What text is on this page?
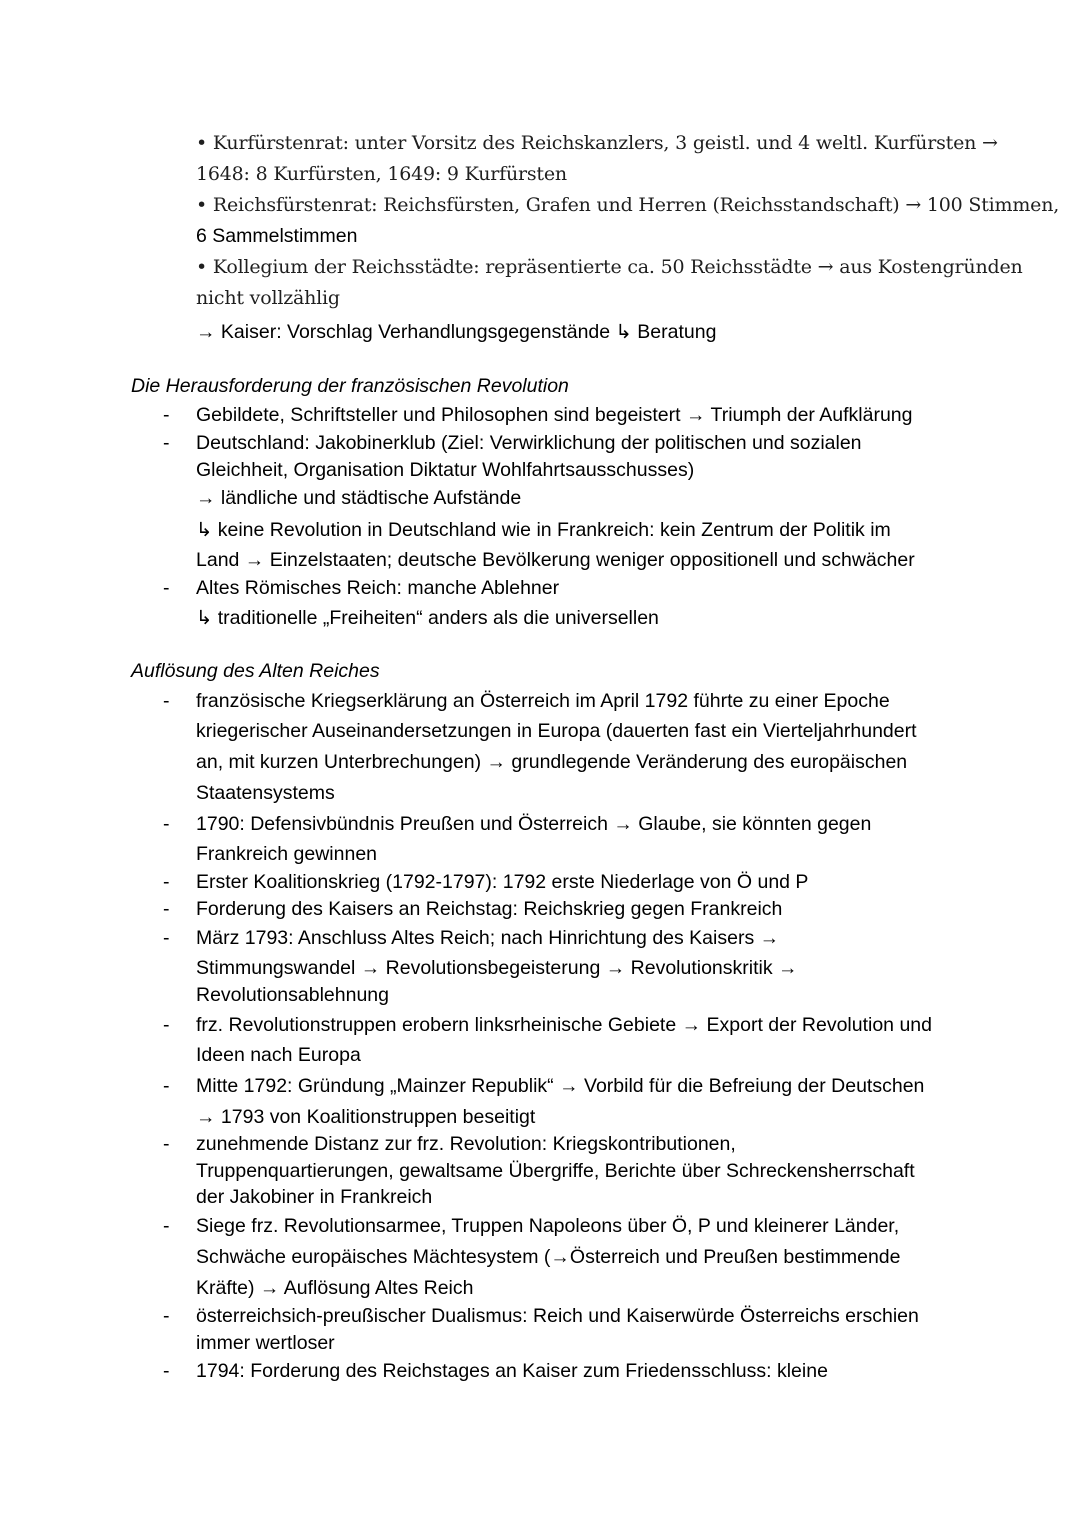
• Kurfürstenrat: unter Vorsitz des Reichskanzlers, 3 geistl. und 4 weltl. Kurfürsten →
1648: 8 Kurfürsten, 1649: 9 Kurfürsten
• Reichsfürstenrat: Reichsfürsten, Grafen und Herren (Reichsstandschaft) → 100 Stimmen,
6 Sammelstimmen
• Kollegium der Reichsstädte: repräsentierte ca. 50 Reichsstädte → aus Kostengründen
nicht vollzählig
→ Kaiser: Vorschlag Verhandlungsgegenstände ↳ Beratung
Die Herausforderung der französischen Revolution
- Gebildete, Schriftsteller und Philosophen sind begeistert → Triumph der Aufklärung
- Deutschland: Jakobinerklub (Ziel: Verwirklichung der politischen und sozialen
Gleichheit, Organisation Diktatur Wohlfahrtsausschusses)
→ ländliche und städtische Aufstände
↳ keine Revolution in Deutschland wie in Frankreich: kein Zentrum der Politik im
Land → Einzelstaaten; deutsche Bevölkerung weniger oppositionell und schwächer
- Altes Römisches Reich: manche Ablehner
↳ traditionelle „Freiheiten“ anders als die universellen
Auflösung des Alten Reiches
- französische Kriegserklärung an Österreich im April 1792 führte zu einer Epoche
kriegerischer Auseinandersetzungen in Europa (dauerten fast ein Vierteljahrhundert
an, mit kurzen Unterbrechungen) → grundlegende Veränderung des europäischen
Staatensystems
- 1790: Defensivbündnis Preußen und Österreich → Glaube, sie könnten gegen
Frankreich gewinnen
- Erster Koalitionskrieg (1792-1797): 1792 erste Niederlage von Ö und P
- Forderung des Kaisers an Reichstag: Reichskrieg gegen Frankreich
- März 1793: Anschluss Altes Reich; nach Hinrichtung des Kaisers →
Stimmungswandel → Revolutionsbegeisterung → Revolutionskritik →
Revolutionsablehnung
- frz. Revolutionstruppen erobern linksrheinische Gebiete → Export der Revolution und
Ideen nach Europa
- Mitte 1792: Gründung „Mainzer Republik“ → Vorbild für die Befreiung der Deutschen
→ 1793 von Koalitionstruppen beseitigt
- zunehmende Distanz zur frz. Revolution: Kriegskontributionen,
Truppenquartierungen, gewaltsame Übergriffe, Berichte über Schreckensherrschaft
der Jakobiner in Frankreich
- Siege frz. Revolutionsarmee, Truppen Napoleons über Ö, P und kleinerer Länder,
Schwäche europäisches Mächtesystem (→Österreich und Preußen bestimmende
Kräfte) → Auflösung Altes Reich
- österreichsich-preußischer Dualismus: Reich und Kaiserwürde Österreichs erschien
immer wertloser
- 1794: Forderung des Reichstages an Kaiser zum Friedensschluss: kleine
